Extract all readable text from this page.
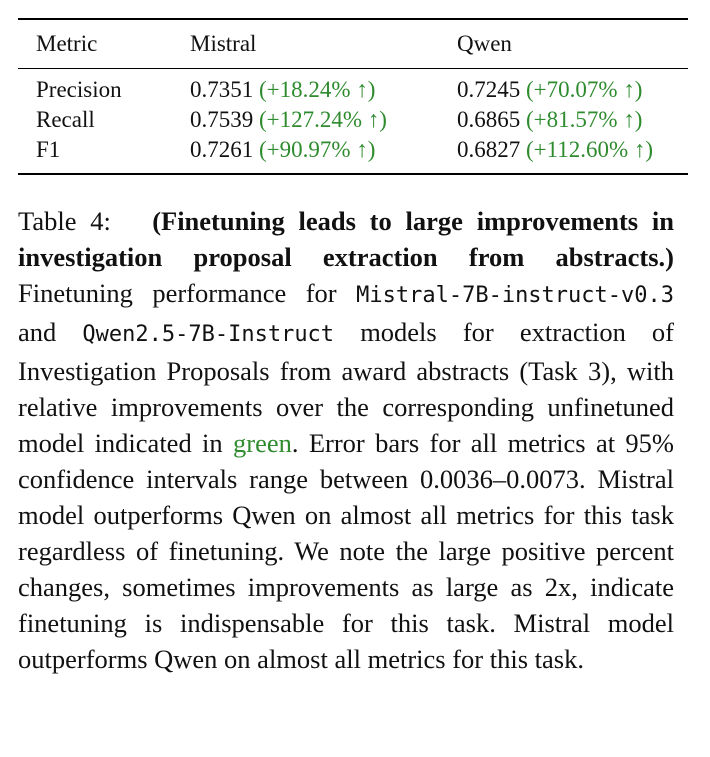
Metric	Mistral	Qwen
Precision	0.7351 (+18.24% ↑)	0.7245 (+70.07% ↑)
Recall	0.7539 (+127.24% ↑)	0.6865 (+81.57% ↑)
F1	0.7261 (+90.97% ↑)	0.6827 (+112.60% ↑)
Table 4: (Finetuning leads to large improvements in investigation proposal extraction from abstracts.) Finetuning performance for Mistral-7B-instruct-v0.3 and Qwen2.5-7B-Instruct models for extraction of Investigation Proposals from award abstracts (Task 3), with relative improvements over the corresponding unfinetuned model indicated in green. Error bars for all metrics at 95% confidence intervals range between 0.0036–0.0073. Mistral model outperforms Qwen on almost all metrics for this task regardless of finetuning. We note the large positive percent changes, sometimes improvements as large as 2x, indicate finetuning is indispensable for this task. Mistral model outperforms Qwen on almost all metrics for this task.
